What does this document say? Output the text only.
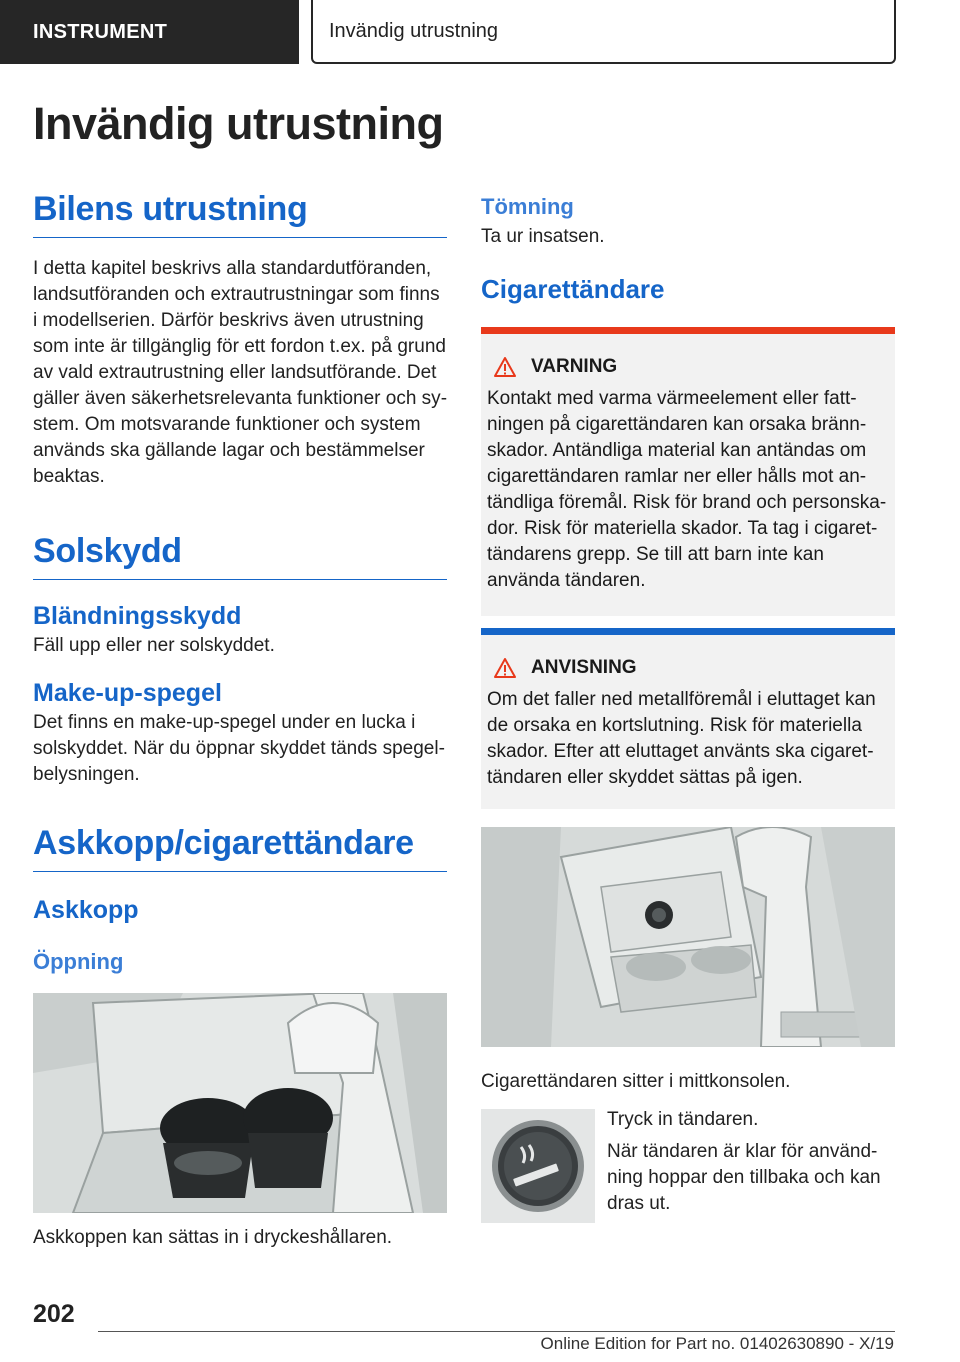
INSTRUMENT	Invändig utrustning
Invändig utrustning
Bilens utrustning

I detta kapitel beskrivs alla standardutföranden, landsutföranden och extrautrustningar som finns i modellserien. Därför beskrivs även utrustning som inte är tillgänglig för ett fordon t.ex. på grund av vald extrautrustning eller landsutförande. Det gäller även säkerhetsrelevanta funktioner och system. Om motsvarande funktioner och system används ska gällande lagar och bestämmelser beaktas.

Solskydd
Bländningsskydd

Fäll upp eller ner solskyddet.

Make-up-spegel

Det finns en make-up-spegel under en lucka i solskyddet. När du öppnar skyddet tänds spegelbelysningen.

Askkopp/cigarettändare
Askkopp
Öppning

Askkoppen kan sättas in i dryckeshållaren.

Tömning

Ta ur insatsen.

Cigarettändare
VARNING

Kontakt med varma värmeelement eller fattningen på cigarettändaren kan orsaka brännskador. Antändliga material kan antändas om cigarettändaren ramlar ner eller hålls mot antändliga föremål. Risk för brand och personskador. Risk för materiella skador. Ta tag i cigarettändarens grepp. Se till att barn inte kan använda tändaren.

ANVISNING

Om det faller ned metallföremål i eluttaget kan de orsaka en kortslutning. Risk för materiella skador. Efter att eluttaget använts ska cigarettändaren eller skyddet sättas på igen.

Cigarettändaren sitter i mittkonsolen.

Tryck in tändaren.

När tändaren är klar för användning hoppar den tillbaka och kan dras ut.

202
Online Edition for Part no. 01402630890 - X/19
